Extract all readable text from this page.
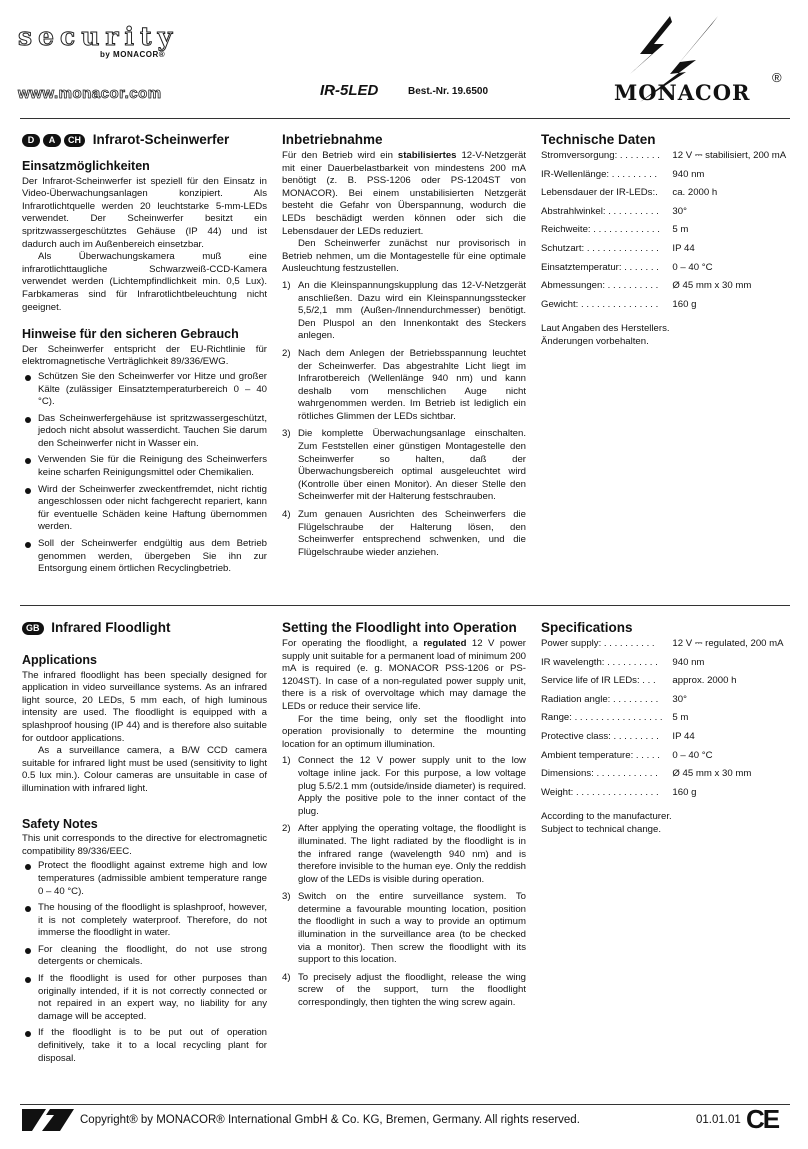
security
by MONACOR®
www.monacor.com	IR-5LED	Best.-Nr. 19.6500	MONACOR
®
D	A	CH Infrarot-Scheinwerfer
Einsatzmöglichkeiten

Der Infrarot-Scheinwerfer ist speziell für den Einsatz in Video-Überwachungsanlagen konzipiert. Als Infrarotlichtquelle werden 20 leuchtstarke 5-mm-LEDs verwendet. Der Scheinwerfer besitzt ein spritzwassergeschütztes Gehäuse (IP 44) und ist dadurch auch im Außenbereich einsetzbar.

Als Überwachungskamera muß eine infrarotlichttaugliche Schwarzweiß-CCD-Kamera verwendet werden (Lichtempfindlichkeit min. 0,5 Lux). Farbkameras sind für Infrarotlichtbeleuchtung nicht geeignet.

Hinweise für den sicheren Gebrauch

Der Scheinwerfer entspricht der EU-Richtlinie für elektromagnetische Verträglichkeit 89/336/EWG.

Schützen Sie den Scheinwerfer vor Hitze und großer Kälte (zulässiger Einsatztemperaturbereich 0 – 40 °C).
Das Scheinwerfergehäuse ist spritzwassergeschützt, jedoch nicht absolut wasserdicht. Tauchen Sie darum den Scheinwerfer nicht in Wasser ein.
Verwenden Sie für die Reinigung des Scheinwerfers keine scharfen Reinigungsmittel oder Chemikalien.
Wird der Scheinwerfer zweckentfremdet, nicht richtig angeschlossen oder nicht fachgerecht repariert, kann für eventuelle Schäden keine Haftung übernommen werden.
Soll der Scheinwerfer endgültig aus dem Betrieb genommen werden, übergeben Sie ihn zur Entsorgung einem örtlichen Recyclingbetrieb.
Inbetriebnahme

Für den Betrieb wird ein stabilisiertes 12-V-Netzgerät mit einer Dauerbelastbarkeit von mindestens 200 mA benötigt (z. B. PSS-1206 oder PS-1204ST von MONACOR). Bei einem unstabilisierten Netzgerät besteht die Gefahr von Überspannung, wodurch die LEDs beschädigt werden können oder sich die Lebensdauer der LEDs reduziert.

Den Scheinwerfer zunächst nur provisorisch in Betrieb nehmen, um die Montagestelle für eine optimale Ausleuchtung festzustellen.

1) An die Kleinspannungskupplung das 12-V-Netzgerät anschließen. Dazu wird ein Kleinspannungsstecker 5,5/2,1 mm (Außen-/Innendurchmesser) benötigt. Den Pluspol an den Innenkontakt des Steckers anlegen.
2) Nach dem Anlegen der Betriebsspannung leuchtet der Scheinwerfer. Das abgestrahlte Licht liegt im Infrarotbereich (Wellenlänge 940 nm) und kann deshalb vom menschlichen Auge nicht wahrgenommen werden. Im Betrieb ist lediglich ein rötliches Glimmen der LEDs sichtbar.
3) Die komplette Überwachungsanlage einschalten. Zum Feststellen einer günstigen Montagestelle den Scheinwerfer so halten, daß der Überwachungsbereich optimal ausgeleuchtet wird (Kontrolle über einen Monitor). An dieser Stelle den Scheinwerfer mit der Halterung festschrauben.
4) Zum genauen Ausrichten des Scheinwerfers die Flügelschraube der Halterung lösen, den Scheinwerfer entsprechend schwenken, und die Flügelschraube wieder anziehen.
Technische Daten
Stromversorgung: . . . . . . . .	12 V ⎓ stabilisiert, 200 mA
IR-Wellenlänge: . . . . . . . . .	940 nm
Lebensdauer der IR-LEDs:.	ca. 2000 h
Abstrahlwinkel: . . . . . . . . . .	30°
Reichweite: . . . . . . . . . . . . .	5 m
Schutzart: . . . . . . . . . . . . . .	IP 44
Einsatztemperatur: . . . . . . .	0 – 40 °C
Abmessungen: . . . . . . . . . .	Ø 45 mm x 30 mm
Gewicht: . . . . . . . . . . . . . . .	160 g

Laut Angaben des Herstellers.

Änderungen vorbehalten.

GB Infrared Floodlight
Applications

The infrared floodlight has been specially designed for application in video surveillance systems. As an infrared light source, 20 LEDs, 5 mm each, of high luminous intensity are used. The floodlight is equipped with a splashproof housing (IP 44) and is therefore also suitable for outdoor applications.

As a surveillance camera, a B/W CCD camera suitable for infrared light must be used (sensitivity to light 0.5 lux min.). Colour cameras are unsuitable in case of illumination with infrared light.

Safety Notes

This unit corresponds to the directive for electromagnetic compatibility 89/336/EEC.

Protect the floodlight against extreme high and low temperatures (admissible ambient temperature range 0 – 40 °C).
The housing of the floodlight is splashproof, however, it is not completely waterproof. Therefore, do not immerse the floodlight in water.
For cleaning the floodlight, do not use strong detergents or chemicals.
If the floodlight is used for other purposes than originally intended, if it is not correctly connected or not repaired in an expert way, no liability for any damage will be accepted.
If the floodlight is to be put out of operation definitively, take it to a local recycling plant for disposal.
Setting the Floodlight into Operation

For operating the floodlight, a regulated 12 V power supply unit suitable for a permanent load of minimum 200 mA is required (e. g. MONACOR PSS-1206 or PS-1204ST). In case of a non-regulated power supply unit, there is a risk of overvoltage which may damage the LEDs or reduce their service life.

For the time being, only set the floodlight into operation provisionally to determine the mounting location for an optimum illumination.

1) Connect the 12 V power supply unit to the low voltage inline jack. For this purpose, a low voltage plug 5.5/2.1 mm (outside/inside diameter) is required. Apply the positive pole to the inner contact of the plug.
2) After applying the operating voltage, the floodlight is illuminated. The light radiated by the floodlight is in the infrared range (wavelength 940 nm) and is therefore invisible to the human eye. Only the reddish glow of the LEDs is visible during operation.
3) Switch on the entire surveillance system. To determine a favourable mounting location, position the floodlight in such a way to provide an optimum illumination in the surveillance area (to be checked via a monitor). Then screw the floodlight with its support to this location.
4) To precisely adjust the floodlight, release the wing screw of the support, turn the floodlight correspondingly, then tighten the wing screw again.
Specifications
Power supply: . . . . . . . . . .	12 V ⎓ regulated, 200 mA
IR wavelength: . . . . . . . . . .	940 nm
Service life of IR LEDs: . . .	approx. 2000 h
Radiation angle: . . . . . . . . .	30°
Range: . . . . . . . . . . . . . . . . .	5 m
Protective class: . . . . . . . . .	IP 44
Ambient temperature: . . . . .	0 – 40 °C
Dimensions: . . . . . . . . . . . .	Ø 45 mm x 30 mm
Weight: . . . . . . . . . . . . . . . .	160 g

According to the manufacturer.

Subject to technical change.

Copyright® by MONACOR® International GmbH & Co. KG, Bremen, Germany. All rights reserved.	01.01.01 CE
